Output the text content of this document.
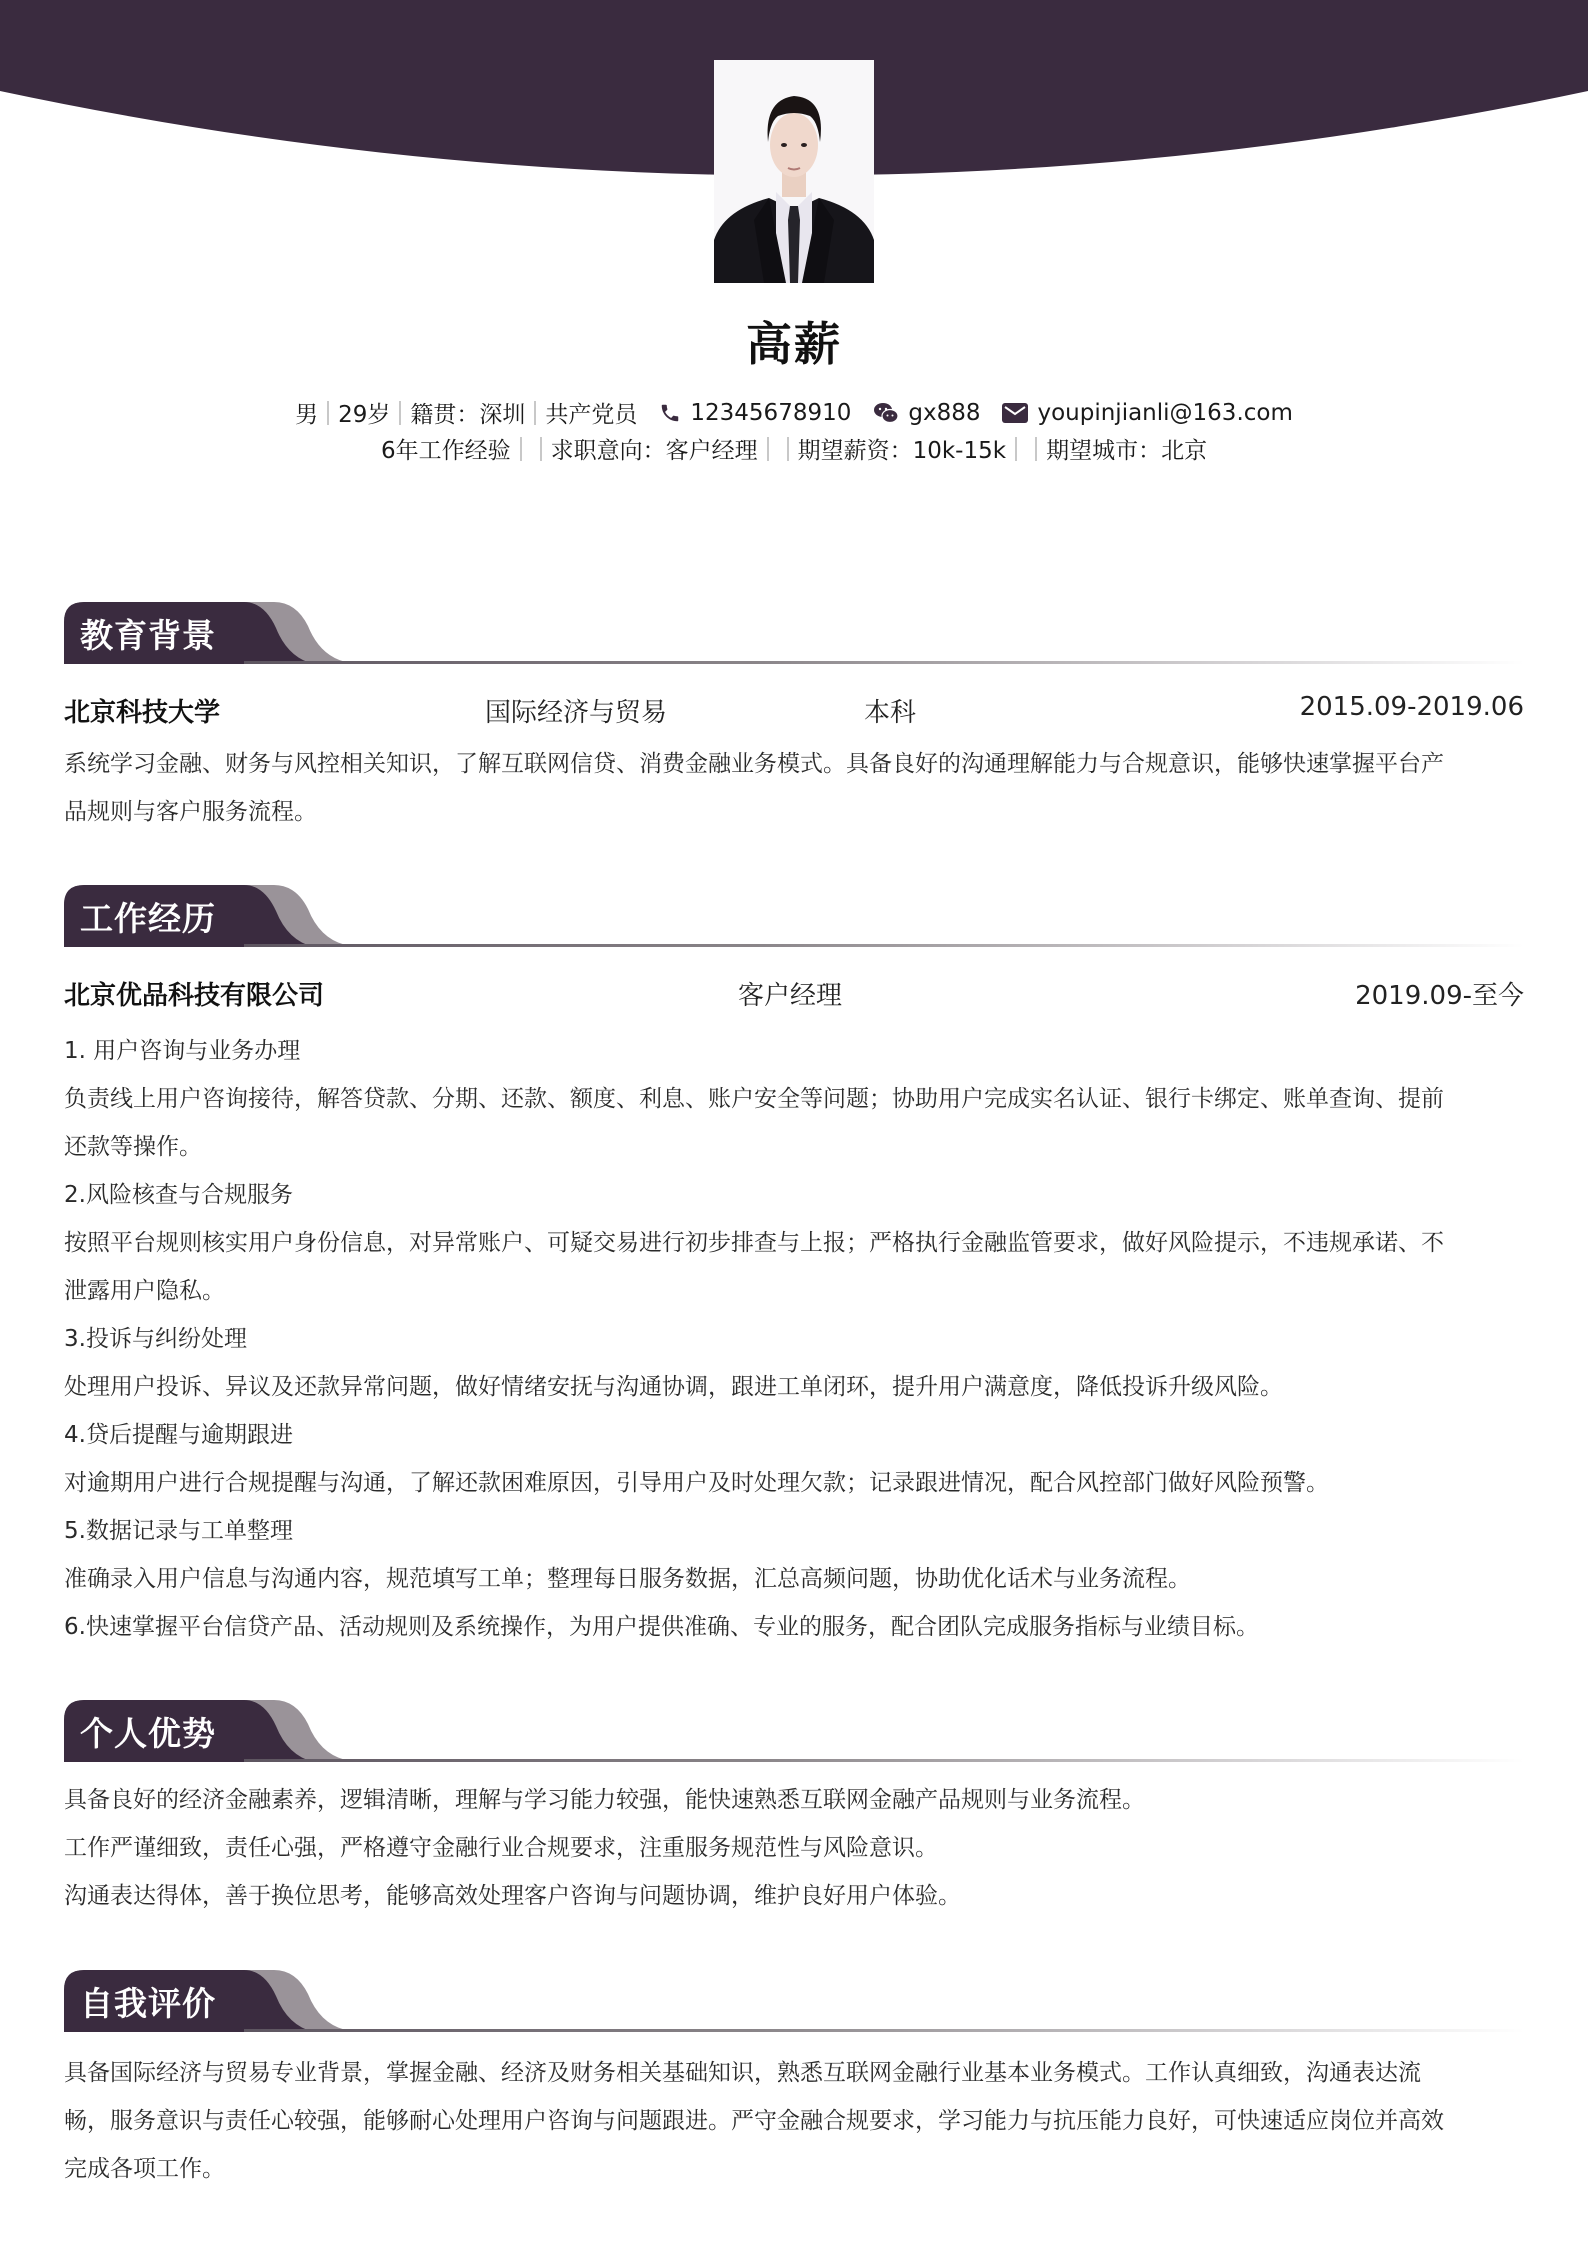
高薪
男 29岁 籍贯：深圳 共产党员 12345678910 gx888 youpinjianli@163.com
6年工作经验 求职意向：客户经理 期望薪资：10k-15k 期望城市：北京
教育背景
北京科技大学	国际经济与贸易	本科	2015.09-2019.06

系统学习金融、财务与风控相关知识，了解互联网信贷、消费金融业务模式。具备良好的沟通理解能力与合规意识，能够快速掌握平台产

品规则与客户服务流程。

工作经历
北京优品科技有限公司	客户经理	2019.09-至今

1. 用户咨询与业务办理

负责线上用户咨询接待，解答贷款、分期、还款、额度、利息、账户安全等问题；协助用户完成实名认证、银行卡绑定、账单查询、提前

还款等操作。

2.风险核查与合规服务

按照平台规则核实用户身份信息，对异常账户、可疑交易进行初步排查与上报；严格执行金融监管要求，做好风险提示，不违规承诺、不

泄露用户隐私。

3.投诉与纠纷处理

处理用户投诉、异议及还款异常问题，做好情绪安抚与沟通协调，跟进工单闭环，提升用户满意度，降低投诉升级风险。

4.贷后提醒与逾期跟进

对逾期用户进行合规提醒与沟通，了解还款困难原因，引导用户及时处理欠款；记录跟进情况，配合风控部门做好风险预警。

5.数据记录与工单整理

准确录入用户信息与沟通内容，规范填写工单；整理每日服务数据，汇总高频问题，协助优化话术与业务流程。

6.快速掌握平台信贷产品、活动规则及系统操作，为用户提供准确、专业的服务，配合团队完成服务指标与业绩目标。

个人优势

具备良好的经济金融素养，逻辑清晰，理解与学习能力较强，能快速熟悉互联网金融产品规则与业务流程。

工作严谨细致，责任心强，严格遵守金融行业合规要求，注重服务规范性与风险意识。

沟通表达得体，善于换位思考，能够高效处理客户咨询与问题协调，维护良好用户体验。

自我评价

具备国际经济与贸易专业背景，掌握金融、经济及财务相关基础知识，熟悉互联网金融行业基本业务模式。工作认真细致，沟通表达流

畅，服务意识与责任心较强，能够耐心处理用户咨询与问题跟进。严守金融合规要求，学习能力与抗压能力良好，可快速适应岗位并高效

完成各项工作。
